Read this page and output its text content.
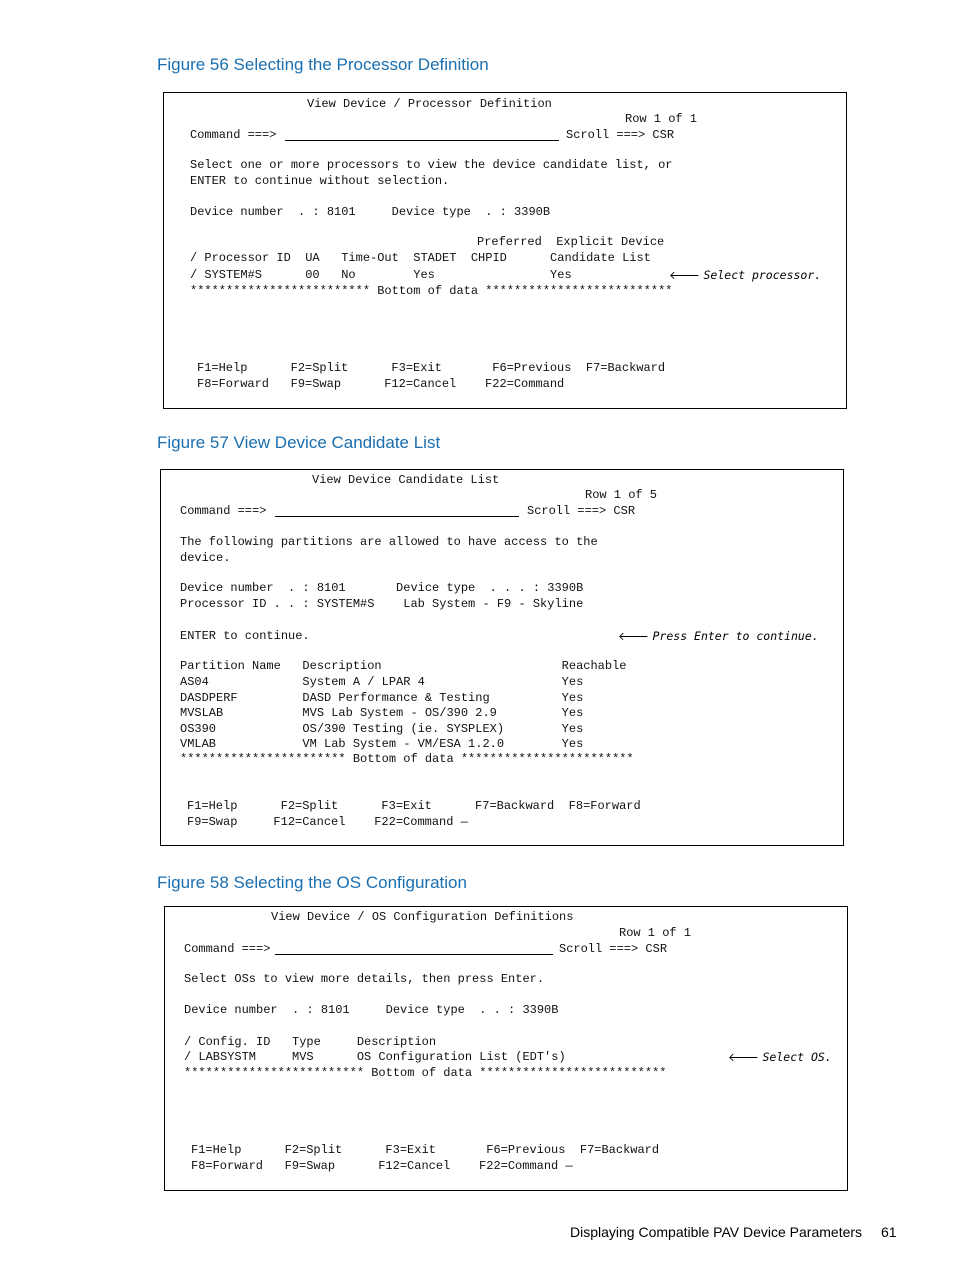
Figure 56 Selecting the Processor Definition
View Device / Processor Definition
Row 1 of 1
Command ===>	Scroll ===> CSR
Select one or more processors to view the device candidate list, or
ENTER to continue without selection.
Device number  . : 8101     Device type  . : 3390B
Preferred  Explicit Device
/ Processor ID  UA   Time-Out  STADET  CHPID      Candidate List
/ SYSTEM#S      00   No        Yes                Yes	🡐 Select processor.
************************* Bottom of data **************************
F1=Help      F2=Split      F3=Exit       F6=Previous  F7=Backward
F8=Forward   F9=Swap      F12=Cancel    F22=Command
Figure 57 View Device Candidate List
View Device Candidate List
Row 1 of 5
Command ===>	Scroll ===> CSR
The following partitions are allowed to have access to the
device.
Device number  . : 8101       Device type  . . . : 3390B
Processor ID . . : SYSTEM#S    Lab System - F9 - Skyline
ENTER to continue.	🡐 Press Enter to continue.
Partition Name   Description                         Reachable
AS04             System A / LPAR 4                   Yes
DASDPERF         DASD Performance & Testing          Yes
MVSLAB           MVS Lab System - OS/390 2.9         Yes
OS390            OS/390 Testing (ie. SYSPLEX)        Yes
VMLAB            VM Lab System - VM/ESA 1.2.0        Yes
*********************** Bottom of data ************************
F1=Help      F2=Split      F3=Exit      F7=Backward  F8=Forward
F9=Swap     F12=Cancel    F22=Command —
Figure 58 Selecting the OS Configuration
View Device / OS Configuration Definitions
Row 1 of 1
Command ===>	Scroll ===> CSR
Select OSs to view more details, then press Enter.
Device number  . : 8101     Device type  . . : 3390B
/ Config. ID   Type     Description
/ LABSYSTM     MVS      OS Configuration List (EDT's)	🡐 Select OS.
************************* Bottom of data **************************
F1=Help      F2=Split      F3=Exit       F6=Previous  F7=Backward
F8=Forward   F9=Swap      F12=Cancel    F22=Command —
Displaying Compatible PAV Device Parameters 61
